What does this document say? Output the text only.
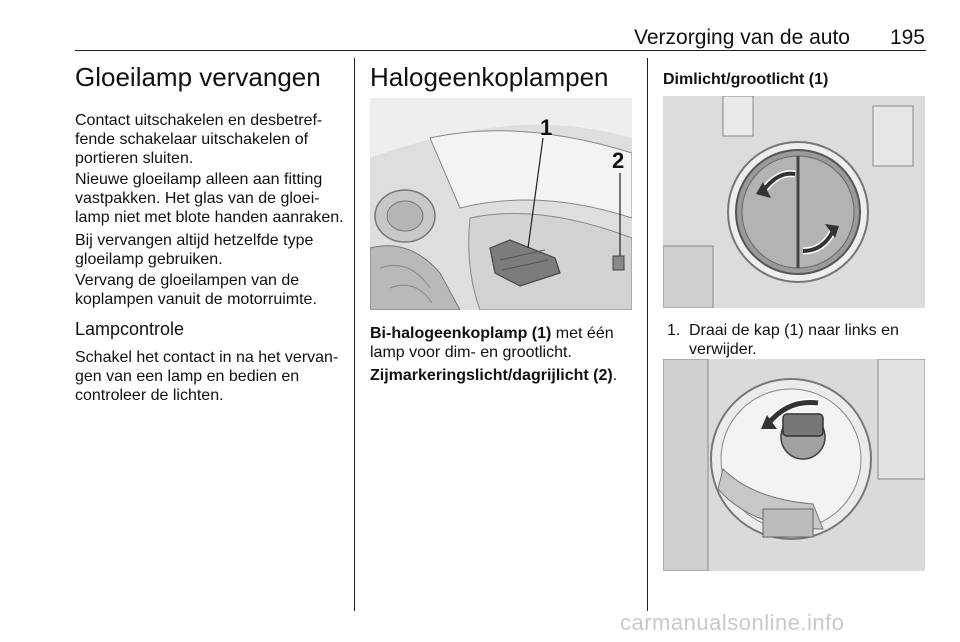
Verzorging van de auto	195
Gloeilamp vervangen

Contact uitschakelen en desbetref- fende schakelaar uitschakelen of portieren sluiten.

Nieuwe gloeilamp alleen aan fitting vastpakken. Het glas van de gloei- lamp niet met blote handen aanraken.

Bij vervangen altijd hetzelfde type gloeilamp gebruiken.

Vervang de gloeilampen van de koplampen vanuit de motorruimte.

Lampcontrole

Schakel het contact in na het vervan- gen van een lamp en bedien en controleer de lichten.

Halogeenkoplampen
1
2

Bi-halogeenkoplamp (1) met één lamp voor dim- en grootlicht.

Zijmarkeringslicht/dagrijlicht (2).

Dimlicht/grootlicht (1)
1. Draai de kap (1) naar links en verwijder.
carmanualsonline.info
